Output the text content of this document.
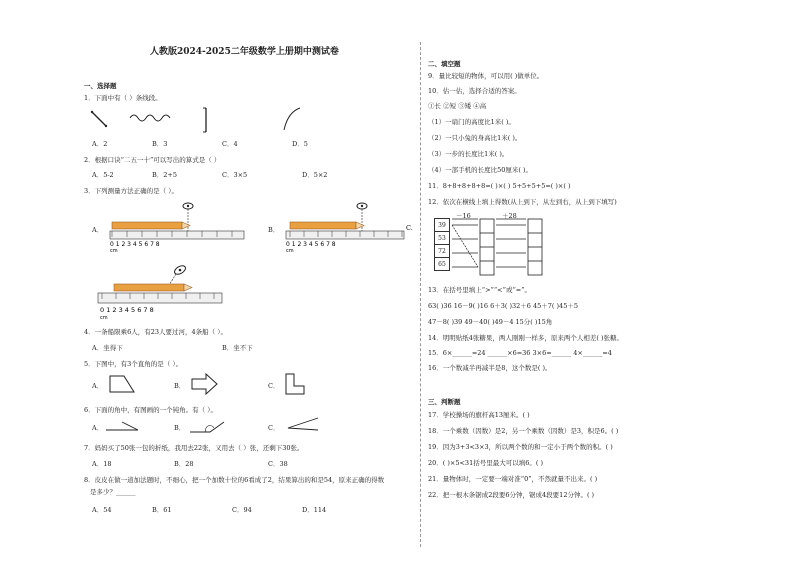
人教版2024-2025二年级数学上册期中测试卷
一、选择题
1．下面中有（ ）条线段。
A．2	B．3	C．4	D．5
2．根据口诀“二五一十”可以写出的算式是（ ）
A．5-2	B．2+5	C．3×5	D．5×2
3．下列测量方法正确的是（ ）。
A．
0 1 2 3 4 5 6 7 8
cm
B．
0 1 2 3 4 5 6 7 8
cm
C.
0 1 2 3 4 5 6 7 8
cm
4．一条船限乘6人，有23人要过河，4条船（ ）。
A．坐得下	B．坐不下
5．下图中，有3个直角的是（ ）。
A．	B．	C．
6．下面的角中，有图画的一个钝角。有（ ）。
A．	B．	C．
7．妈妈买了50张一包的折纸，我用去22张，又用去（ ）张，还剩下30张。
A．18	B．28	C．38
8．皮皮在做一道加法题时，不细心，把一个加数十位的6看成了2，结果算出的和是54，原来正确的得数
是多少？______
A．54	B．61	C．94	D．114
二、填空题
9．量比较短的物体，可以用( )做单位。
10．估一估，选择合适的答案。
①长 ②短 ③矮 ④高
（1）一扇门的高度比1米( )。
（2）一只小兔的身高比1米( )。
（3）一步的长度比1米( )。
（4）一部手机的长度比50厘米( )。
11．8+8+8+8+8=( )×( ) 5+5+5+5=( )×( )
12．依次在横线上填上得数(从上到下，从左到右，从上到下填写)
39
53
72
65
－16	＋28
13．在括号里填上“>”“<”或“=”。
63( )36 16－9( )16 6＋3( )32＋6 45＋7( )45＋5
47－8( )39 49－40( )49－4 15分( )15角
14．明明贴纸4张糖果，两人刚刚一样多，原来两个人相差( )张糖。
15．6×______=24 ______×6=36 3×6=______ 4×______=4
16．一个数减半再减半是8，这个数是( )。
三、判断题
17．学校操场的旗杆高13厘米。( )
18．一个乘数（因数）是2，另一个乘数（因数）是3，积是6。( )
19．因为3+3<3×3，所以两个数的和一定小于两个数的积。( )
20．( )×5<31括号里最大可以填6。( )
21．量物体时，一定要一端对准“0”，不然就量不出来。( )
22．把一根木条锯成2段要6分钟，锯成4段要12分钟。( )
